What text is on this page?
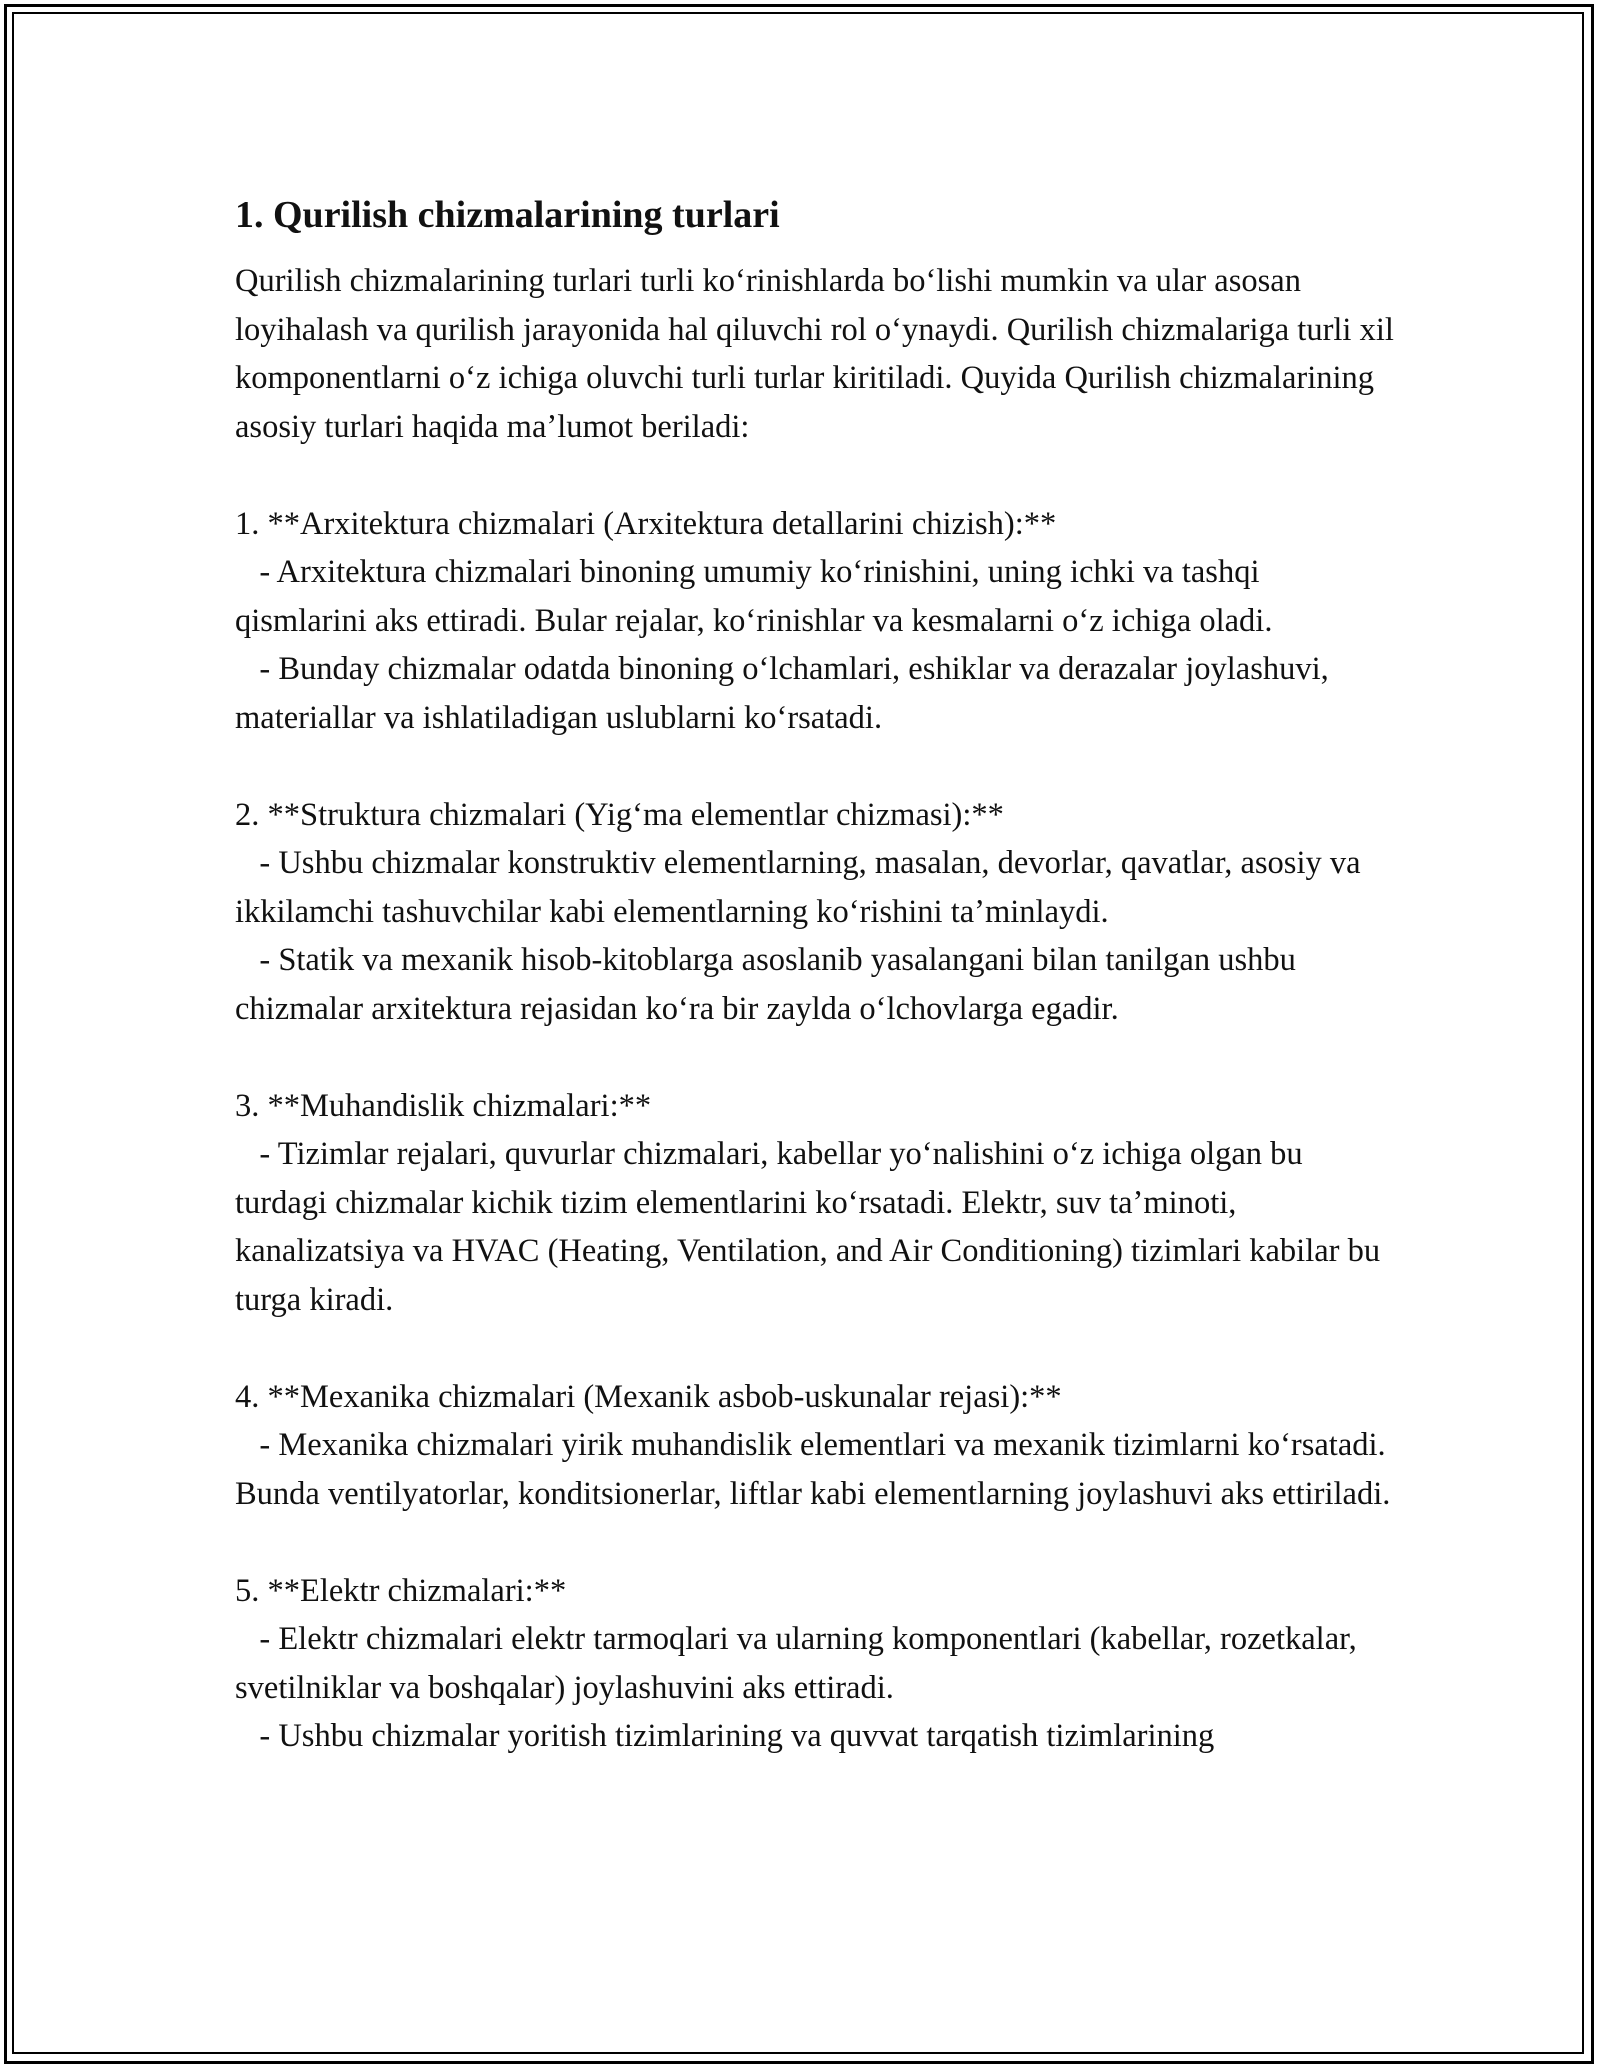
1. Qurilish chizmalarining turlari

Qurilish chizmalarining turlari turli koʻrinishlarda boʻlishi mumkin va ular asosan loyihalash va qurilish jarayonida hal qiluvchi rol oʻynaydi. Qurilish chizmalariga turli xil komponentlarni oʻz ichiga oluvchi turli turlar kiritiladi. Quyida Qurilish chizmalarining asosiy turlari haqida maʼlumot beriladi:

1. **Arxitektura chizmalari (Arxitektura detallarini chizish):**

- Arxitektura chizmalari binoning umumiy koʻrinishini, uning ichki va tashqi qismlarini aks ettiradi. Bular rejalar, koʻrinishlar va kesmalarni oʻz ichiga oladi.

- Bunday chizmalar odatda binoning oʻlchamlari, eshiklar va derazalar joylashuvi, materiallar va ishlatiladigan uslublarni koʻrsatadi.

2. **Struktura chizmalari (Yigʻma elementlar chizmasi):**

- Ushbu chizmalar konstruktiv elementlarning, masalan, devorlar, qavatlar, asosiy va ikkilamchi tashuvchilar kabi elementlarning koʻrishini taʼminlaydi.

- Statik va mexanik hisob-kitoblarga asoslanib yasalangani bilan tanilgan ushbu chizmalar arxitektura rejasidan koʻra bir zaylda oʻlchovlarga egadir.

3. **Muhandislik chizmalari:**

- Tizimlar rejalari, quvurlar chizmalari, kabellar yoʻnalishini oʻz ichiga olgan bu turdagi chizmalar kichik tizim elementlarini koʻrsatadi. Elektr, suv taʼminoti, kanalizatsiya va HVAC (Heating, Ventilation, and Air Conditioning) tizimlari kabilar bu turga kiradi.

4. **Mexanika chizmalari (Mexanik asbob-uskunalar rejasi):**

- Mexanika chizmalari yirik muhandislik elementlari va mexanik tizimlarni koʻrsatadi. Bunda ventilyatorlar, konditsionerlar, liftlar kabi elementlarning joylashuvi aks ettiriladi.

5. **Elektr chizmalari:**

- Elektr chizmalari elektr tarmoqlari va ularning komponentlari (kabellar, rozetkalar, svetilniklar va boshqalar) joylashuvini aks ettiradi.

- Ushbu chizmalar yoritish tizimlarining va quvvat tarqatish tizimlarining
